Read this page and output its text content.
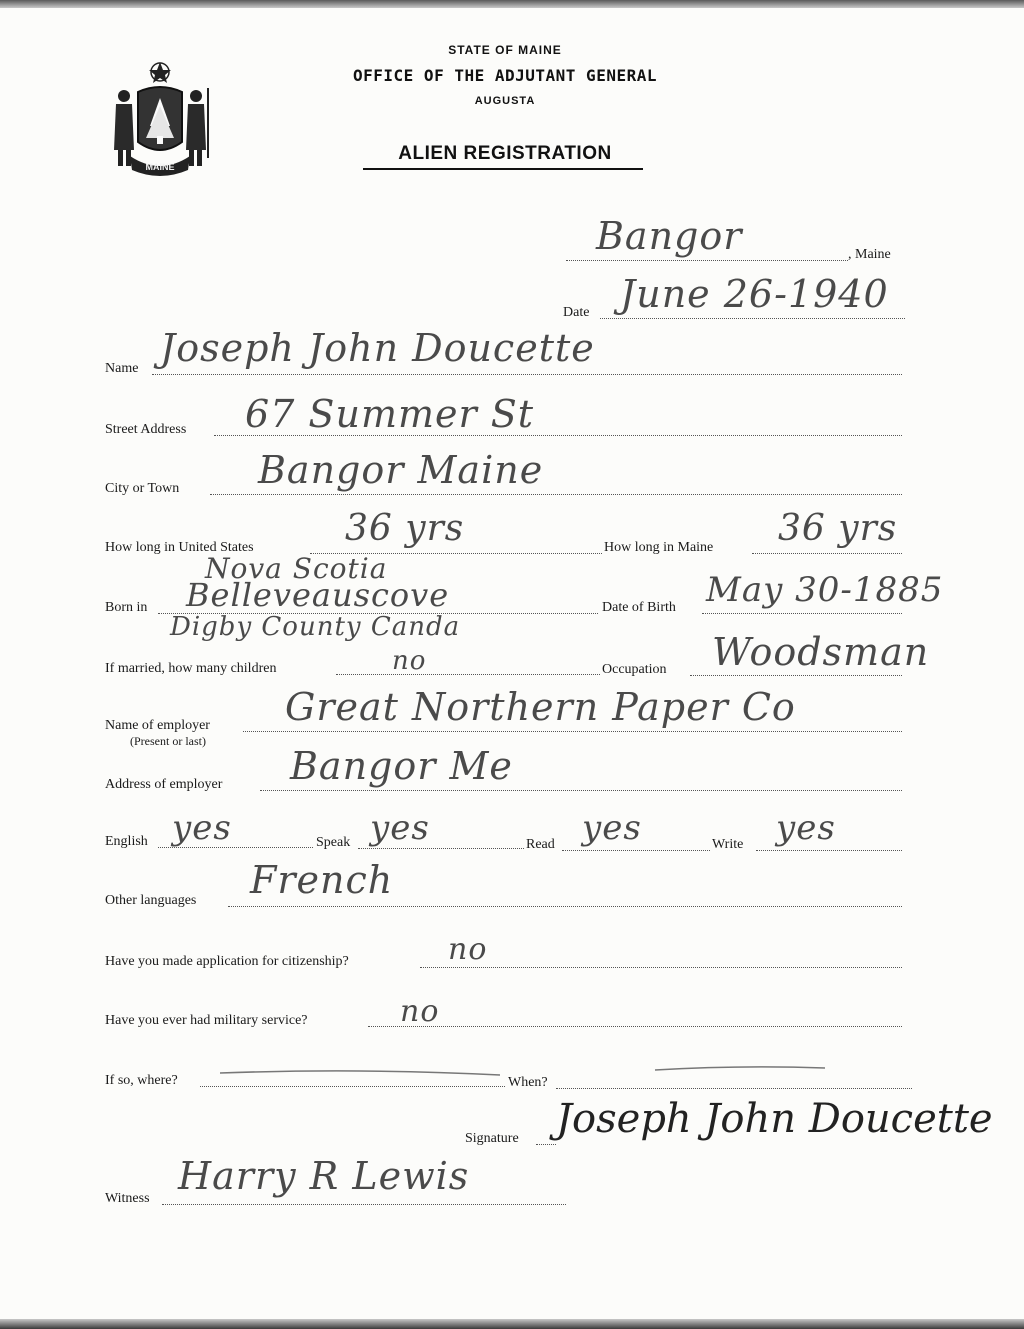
MAINE
STATE OF MAINE
OFFICE OF THE ADJUTANT GENERAL
AUGUSTA
ALIEN REGISTRATION
Bangor	, Maine
Date June 26-1940
Name Joseph John Doucette
Street Address 67 Summer St
City or Town Bangor Maine
How long in United States	36 yrs	How long in Maine 36 yrs
Nova Scotia
Born in Belleveauscove
Digby County Canda
Date of Birth May 30-1885
If married, how many children	no	Occupation Woodsman
Name of employer
(Present or last)
Great Northern Paper Co
Address of employer Bangor Me
English yes	Speak yes	Read yes	Write yes
Other languages French
Have you made application for citizenship?	no
Have you ever had military service?	no
If so, where?	When?
Signature Joseph John Doucette
Witness
Harry R Lewis
